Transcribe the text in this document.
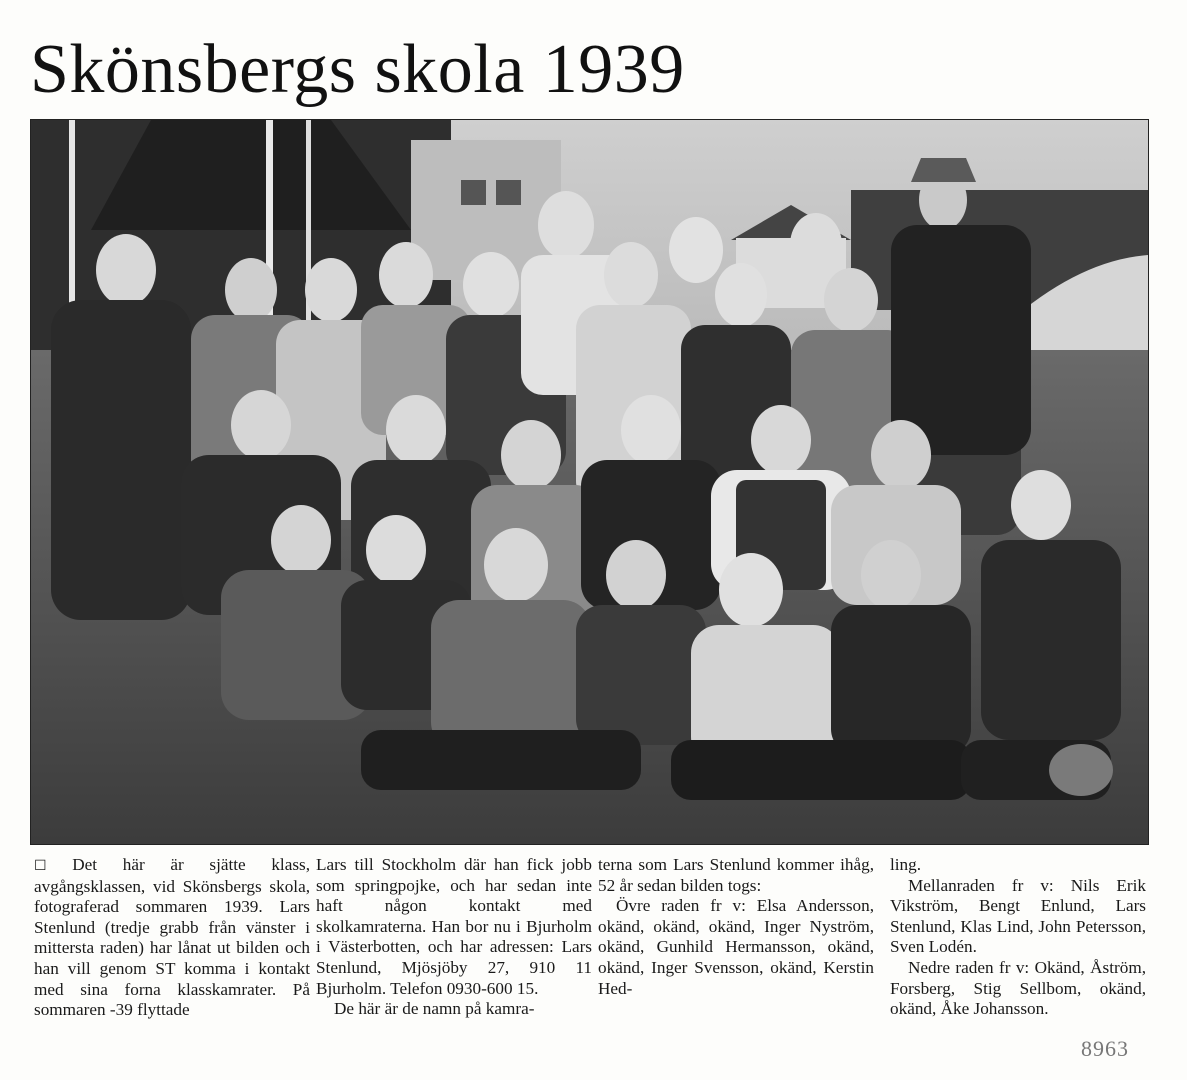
Skönsbergs skola 1939

☐ Det här är sjätte klass, avgångsklassen, vid Skönsbergs skola, fotograferad sommaren 1939. Lars Stenlund (tredje grabb från vänster i mittersta raden) har lånat ut bilden och han vill genom ST komma i kontakt med sina forna klasskamrater. På sommaren -39 flyttade

Lars till Stockholm där han fick jobb som springpojke, och har sedan inte haft någon kontakt med skolkamraterna. Han bor nu i Bjurholm i Västerbotten, och har adressen: Lars Stenlund, Mjösjöby 27, 910 11 Bjurholm. Telefon 0930-600 15.

De här är de namn på kamra-

terna som Lars Stenlund kommer ihåg, 52 år sedan bilden togs:

Övre raden fr v: Elsa Andersson, okänd, okänd, okänd, Inger Nyström, okänd, Gunhild Hermansson, okänd, okänd, Inger Svensson, okänd, Kerstin Hed-

ling.

Mellanraden fr v: Nils Erik Vikström, Bengt Enlund, Lars Stenlund, Klas Lind, John Petersson, Sven Lodén.

Nedre raden fr v: Okänd, Åström, Forsberg, Stig Sellbom, okänd, okänd, Åke Johansson.

8963
